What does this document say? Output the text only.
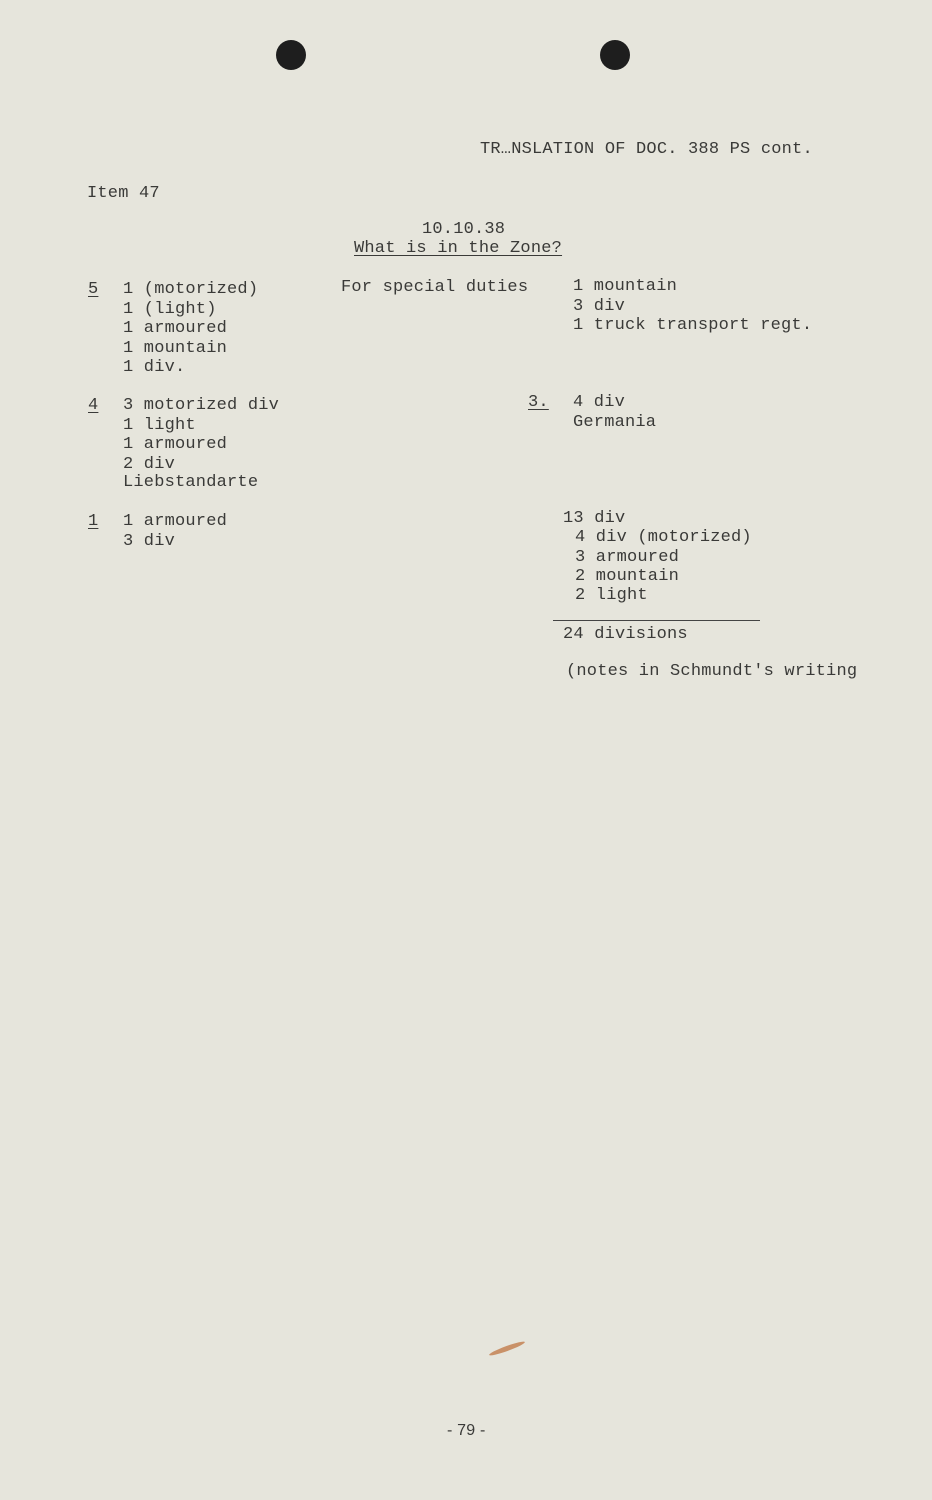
TR…NSLATION OF DOC. 388 PS cont.
Item 47
10.10.38
What is in the Zone?
5 1 (motorized)
1 (light)
1 armoured
1 mountain
1 div.
4 3 motorized div
1 light
1 armoured
2 div
Liebstandarte
1 1 armoured
3 div
For special duties	1 mountain
3 div
1 truck transport regt.
3. 4 div
Germania
13 div
4 div (motorized)
3 armoured
2 mountain
2 light
24 divisions
(notes in Schmundt's writing
- 79 -
